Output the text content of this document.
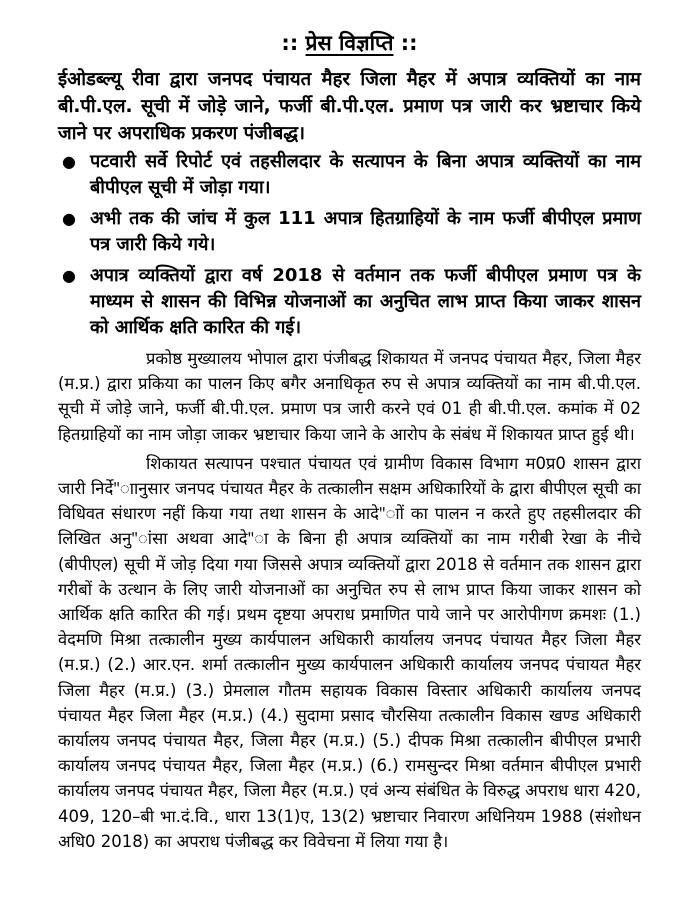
:: प्रेस विज्ञप्ति ::

ईओडब्ल्यू रीवा द्वारा जनपद पंचायत मैहर जिला मैहर में अपात्र व्यक्तियों का नाम बी.पी.एल. सूची में जोड़े जाने, फर्जी बी.पी.एल. प्रमाण पत्र जारी कर भ्रष्टाचार किये जाने पर अपराधिक प्रकरण पंजीबद्ध।

● पटवारी सर्वे रिपोर्ट एवं तहसीलदार के सत्यापन के बिना अपात्र व्यक्तियों का नाम बीपीएल सूची में जोड़ा गया।
● अभी तक की जांच में कुल 111 अपात्र हितग्राहियों के नाम फर्जी बीपीएल प्रमाण पत्र जारी किये गये।
● अपात्र व्यक्तियों द्वारा वर्ष 2018 से वर्तमान तक फर्जी बीपीएल प्रमाण पत्र के माध्यम से शासन की विभिन्न योजनाओं का अनुचित लाभ प्राप्त किया जाकर शासन को आर्थिक क्षति कारित की गई।

प्रकोष्ठ मुख्यालय भोपाल द्वारा पंजीबद्ध शिकायत में जनपद पंचायत मैहर, जिला मैहर (म.प्र.) द्वारा प्रकिया का पालन किए बगैर अनाधिकृत रुप से अपात्र व्यक्तियों का नाम बी.पी.एल. सूची में जोड़े जाने, फर्जी बी.पी.एल. प्रमाण पत्र जारी करने एवं 01 ही बी.पी.एल. कमांक में 02 हितग्राहियों का नाम जोड़ा जाकर भ्रष्टाचार किया जाने के आरोप के संबंध में शिकायत प्राप्त हुई थी।

शिकायत सत्यापन पश्चात पंचायत एवं ग्रामीण विकास विभाग म0प्र0 शासन द्वारा जारी निर्दे"ाानुसार जनपद पंचायत मैहर के तत्कालीन सक्षम अधिकारियों के द्वारा बीपीएल सूची का विधिवत संधारण नहीं किया गया तथा शासन के आदे"ाों का पालन न करते हुए तहसीलदार की लिखित अनु"ांसा अथवा आदे"ा के बिना ही अपात्र व्यक्तियों का नाम गरीबी रेखा के नीचे (बीपीएल) सूची में जोड़ दिया गया जिससे अपात्र व्यक्तियों द्वारा 2018 से वर्तमान तक शासन द्वारा गरीबों के उत्थान के लिए जारी योजनाओं का अनुचित रुप से लाभ प्राप्त किया जाकर शासन को आर्थिक क्षति कारित की गई। प्रथम दृष्टया अपराध प्रमाणित पाये जाने पर आरोपीगण क्रमशः (1.) वेदमणि मिश्रा तत्कालीन मुख्य कार्यपालन अधिकारी कार्यालय जनपद पंचायत मैहर जिला मैहर (म.प्र.) (2.) आर.एन. शर्मा तत्कालीन मुख्य कार्यपालन अधिकारी कार्यालय जनपद पंचायत मैहर जिला मैहर (म.प्र.) (3.) प्रेमलाल गौतम सहायक विकास विस्तार अधिकारी कार्यालय जनपद पंचायत मैहर जिला मैहर (म.प्र.) (4.) सुदामा प्रसाद चौरसिया तत्कालीन विकास खण्ड अधिकारी कार्यालय जनपद पंचायत मैहर, जिला मैहर (म.प्र.) (5.) दीपक मिश्रा तत्कालीन बीपीएल प्रभारी कार्यालय जनपद पंचायत मैहर, जिला मैहर (म.प्र.) (6.) रामसुन्दर मिश्रा वर्तमान बीपीएल प्रभारी कार्यालय जनपद पंचायत मैहर, जिला मैहर (म.प्र.) एवं अन्य संबंधित के विरुद्ध अपराध धारा 420, 409, 120–बी भा.दं.वि., धारा 13(1)ए, 13(2) भ्रष्टाचार निवारण अधिनियम 1988 (संशोधन अधि0 2018) का अपराध पंजीबद्ध कर विवेचना में लिया गया है।
